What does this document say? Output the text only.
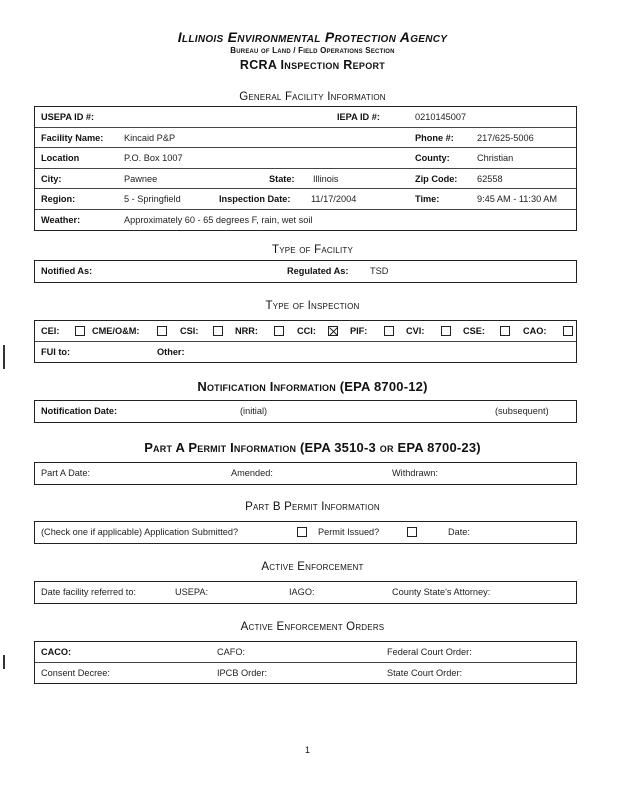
Illinois Environmental Protection Agency
Bureau of Land / Field Operations Section
RCRA Inspection Report
General Facility Information
USEPA ID #:	IEPA ID #:	0210145007
Facility Name: Kincaid P&P	Phone #:	217/625-5006
Location	P.O. Box 1007	County:	Christian
City:	Pawnee	State: Illinois	Zip Code: 62558
Region:	5 - Springfield	Inspection Date: 11/17/2004	Time:	9:45 AM - 11:30 AM
Weather:	Approximately 60 - 65 degrees F, rain, wet soil
Type of Facility
Notified As:	Regulated As: TSD
Type of Inspection
CEI:	CME/O&M:	CSI:	NRR:	CCI:	PIF:	CVI:	CSE:	CAO:
FUI to:	Other:
Notification Information (EPA 8700-12)
Notification Date:	(initial)	(subsequent)
Part A Permit Information (EPA 3510-3 or EPA 8700-23)
Part A Date:	Amended:	Withdrawn:
Part B Permit Information
(Check one if applicable) Application Submitted?	Permit Issued?	Date:
Active Enforcement
Date facility referred to:	USEPA:	IAGO:	County State's Attorney:
Active Enforcement Orders
CACO:	CAFO:	Federal Court Order:
Consent Decree:	IPCB Order:	State Court Order:
1
